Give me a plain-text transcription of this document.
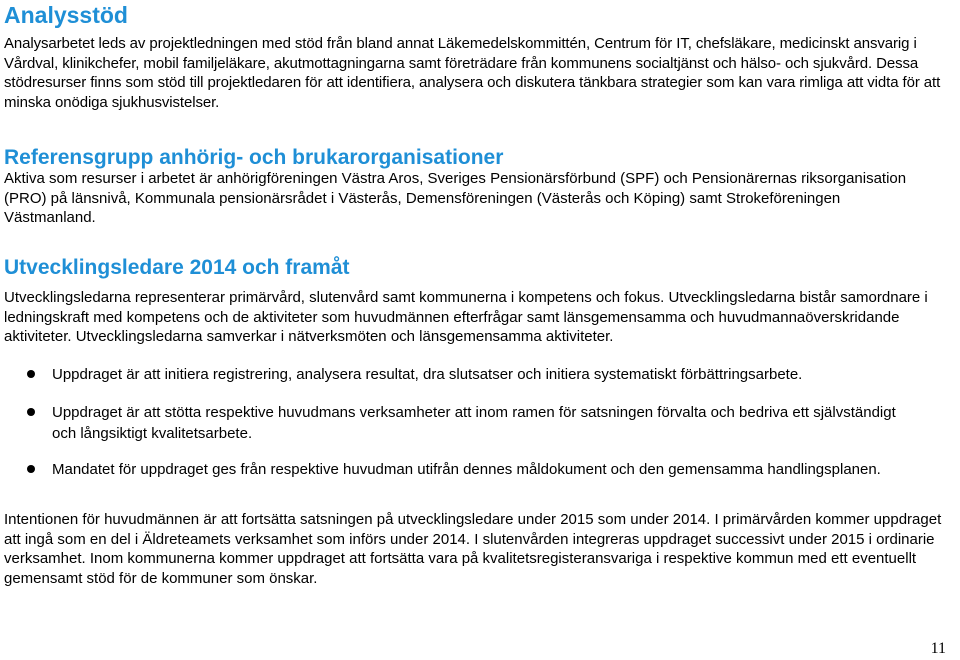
Analysstöd

Analysarbetet leds av projektledningen med stöd från bland annat Läkemedelskommittén, Centrum för IT, chefsläkare, medicinskt ansvarig i Vårdval, klinikchefer, mobil familjeläkare, akutmottagningarna samt företrädare från kommunens socialtjänst och hälso- och sjukvård. Dessa stödresurser finns som stöd till projektledaren för att identifiera, analysera och diskutera tänkbara strategier som kan vara rimliga att vidta för att minska onödiga sjukhusvistelser.

Referensgrupp anhörig- och brukarorganisationer

Aktiva som resurser i arbetet är anhörigföreningen Västra Aros, Sveriges Pensionärsförbund (SPF) och Pensionärernas riksorganisation (PRO) på länsnivå, Kommunala pensionärsrådet i Västerås, Demensföreningen (Västerås och Köping) samt Strokeföreningen Västmanland.

Utvecklingsledare 2014 och framåt

Utvecklingsledarna representerar primärvård, slutenvård samt kommunerna i kompetens och fokus. Utvecklingsledarna bistår samordnare i ledningskraft med kompetens och de aktiviteter som huvudmännen efterfrågar samt länsgemensamma och huvudmannaöverskridande aktiviteter. Utvecklingsledarna samverkar i nätverksmöten och länsgemensamma aktiviteter.

Uppdraget är att initiera registrering, analysera resultat, dra slutsatser och initiera systematiskt förbättringsarbete.

Uppdraget är att stötta respektive huvudmans verksamheter att inom ramen för satsningen förvalta och bedriva ett självständigt och långsiktigt kvalitetsarbete.

Mandatet för uppdraget ges från respektive huvudman utifrån dennes måldokument och den gemensamma handlingsplanen.

Intentionen för huvudmännen är att fortsätta satsningen på utvecklingsledare under 2015 som under 2014. I primärvården kommer uppdraget att ingå som en del i Äldreteamets verksamhet som införs under 2014. I slutenvården integreras uppdraget successivt under 2015 i ordinarie verksamhet. Inom kommunerna kommer uppdraget att fortsätta vara på kvalitetsregisteransvariga i respektive kommun med ett eventuellt gemensamt stöd för de kommuner som önskar.

11
